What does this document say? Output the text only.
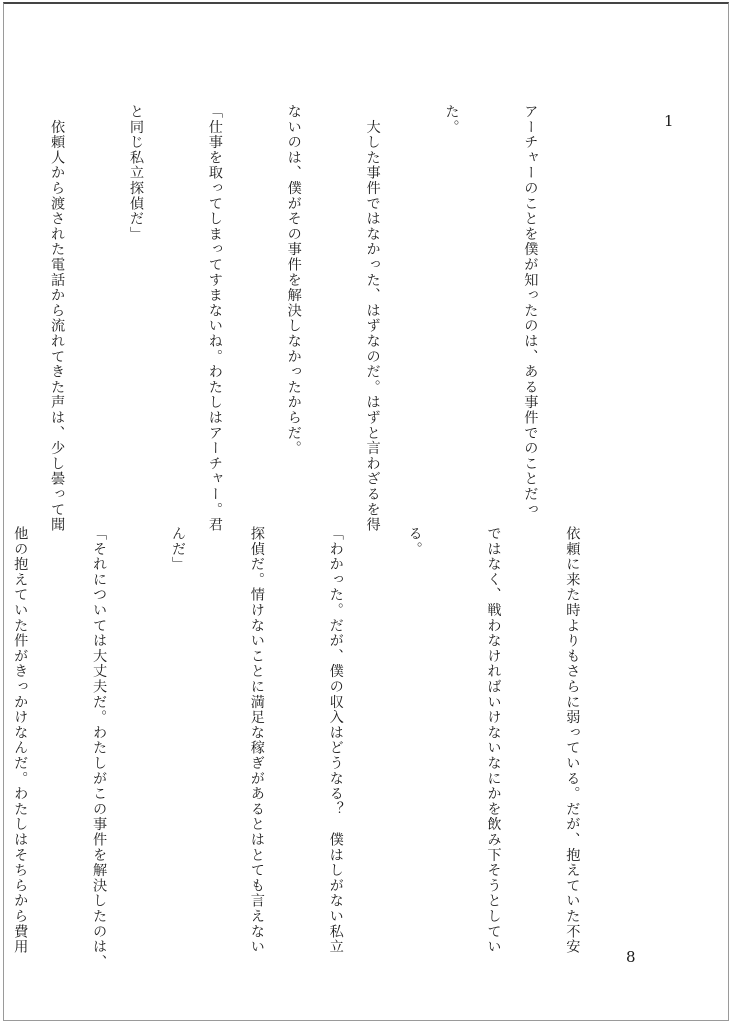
1

アーチャーのことを僕が知ったのは、ある事件でのことだっ

た。

　大した事件ではなかった、はずなのだ。はずと言わざるを得

ないのは、僕がその事件を解決しなかったからだ。

「仕事を取ってしまってすまないね。わたしはアーチャー。君

と同じ私立探偵だ」

　依頼人から渡された電話から流れてきた声は、少し曇って聞

依頼に来た時よりもさらに弱っている。だが、抱えていた不安

ではなく、戦わなければいけないなにかを飲み下そうとしてい

る。

「わかった。だが、僕の収入はどうなる？　僕はしがない私立

探偵だ。情けないことに満足な稼ぎがあるとはとても言えない

んだ」

「それについては大丈夫だ。わたしがこの事件を解決したのは、

他の抱えていた件がきっかけなんだ。わたしはそちらから費用

8
